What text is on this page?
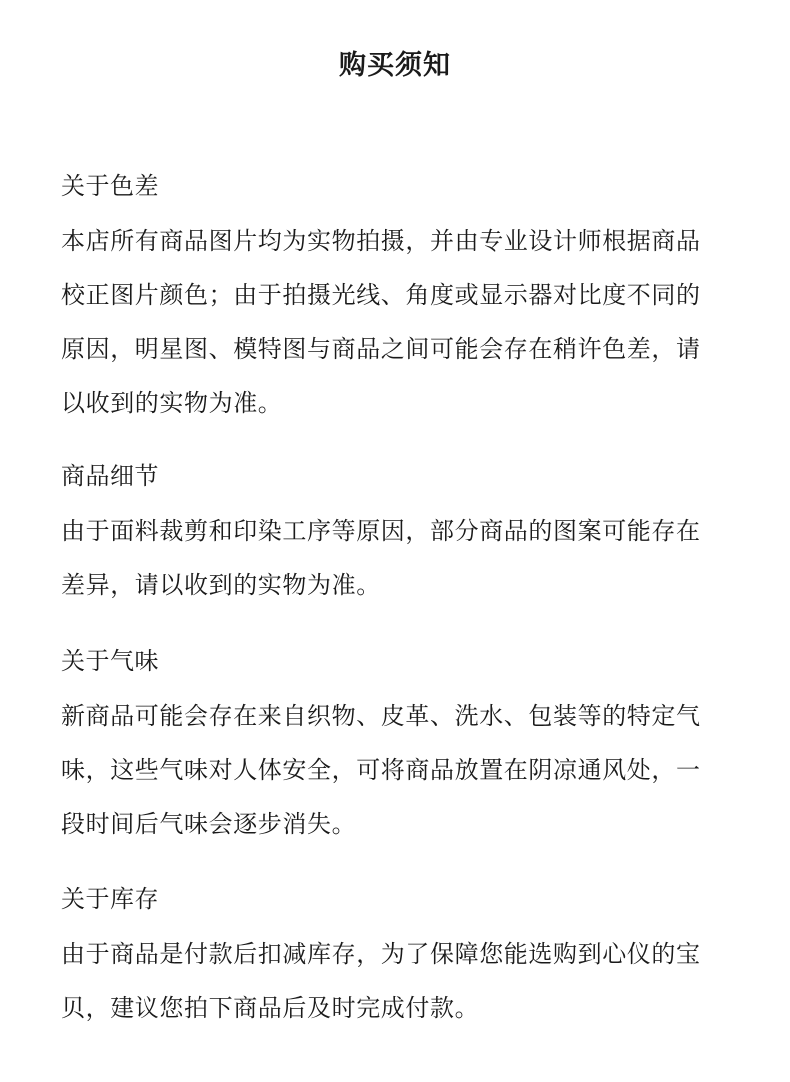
购买须知
关于色差

本店所有商品图片均为实物拍摄，并由专业设计师根据商品
校正图片颜色；由于拍摄光线、角度或显示器对比度不同的
原因，明星图、模特图与商品之间可能会存在稍许色差，请
以收到的实物为准。

商品细节

由于面料裁剪和印染工序等原因，部分商品的图案可能存在
差异，请以收到的实物为准。

关于气味

新商品可能会存在来自织物、皮革、洗水、包装等的特定气
味，这些气味对人体安全，可将商品放置在阴凉通风处，一
段时间后气味会逐步消失。

关于库存

由于商品是付款后扣减库存，为了保障您能选购到心仪的宝
贝，建议您拍下商品后及时完成付款。
